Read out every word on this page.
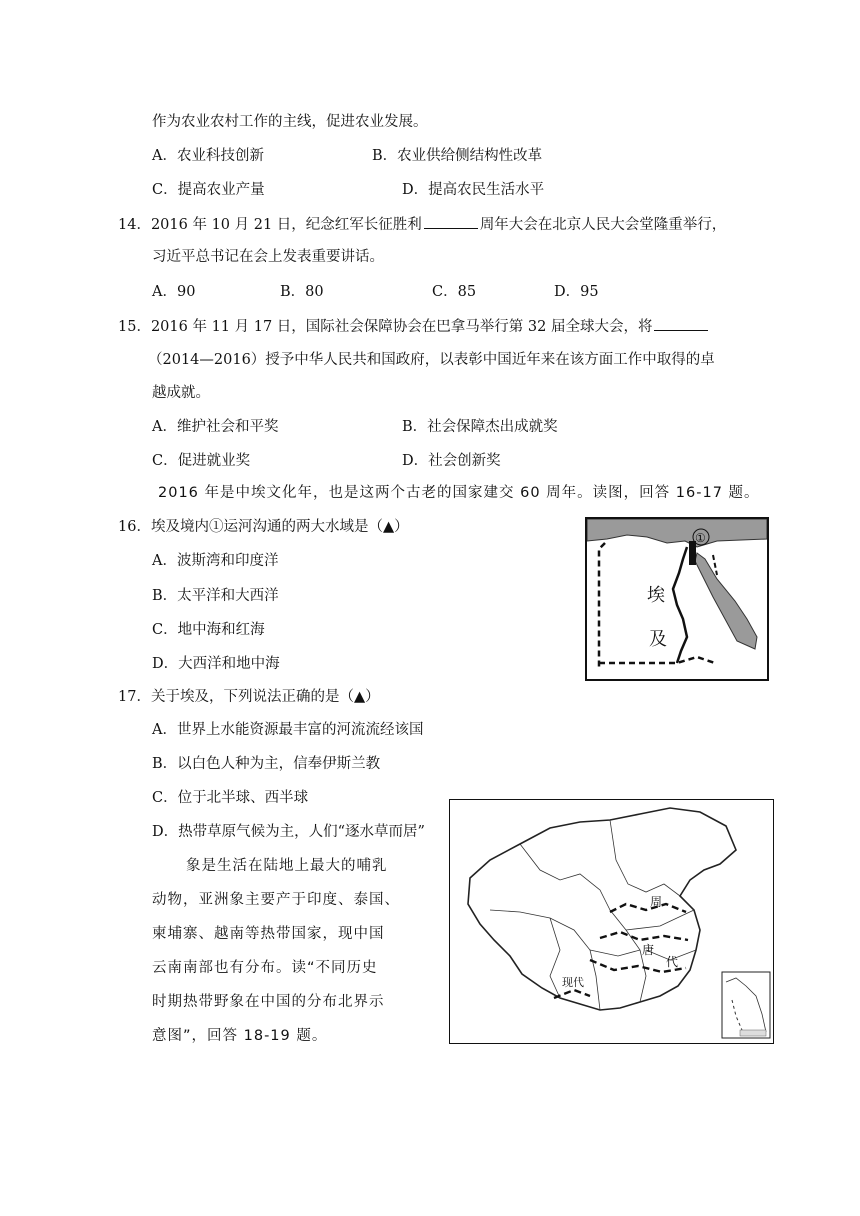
作为农业农村工作的主线，促进农业发展。
A．农业科技创新	B．农业供给侧结构性改革
C．提高农业产量	D．提高农民生活水平
14．2016 年 10 月 21 日，纪念红军长征胜利	周年大会在北京人民大会堂隆重举行，
习近平总书记在会上发表重要讲话。
A．90	B．80	C．85	D．95
15．2016 年 11 月 17 日，国际社会保障协会在巴拿马举行第 32 届全球大会，将
（2014—2016）授予中华人民共和国政府，以表彰中国近年来在该方面工作中取得的卓
越成就。
A．维护社会和平奖	B．社会保障杰出成就奖
C．促进就业奖	D．社会创新奖
2016 年是中埃文化年，也是这两个古老的国家建交 60 周年。读图，回答 16-17 题。
16．埃及境内①运河沟通的两大水域是（▲）
A．波斯湾和印度洋
B．太平洋和大西洋
C．地中海和红海
D．大西洋和地中海
①
埃
及
17．关于埃及，下列说法正确的是（▲）
A．世界上水能资源最丰富的河流流经该国
B．以白色人种为主，信奉伊斯兰教
C．位于北半球、西半球
D．热带草原气候为主，人们“逐水草而居”
象是生活在陆地上最大的哺乳
动物，亚洲象主要产于印度、泰国、
柬埔寨、越南等热带国家，现中国
云南南部也有分布。读“不同历史
时期热带野象在中国的分布北界示
意图”，回答 18-19 题。
周
唐
代
现代
